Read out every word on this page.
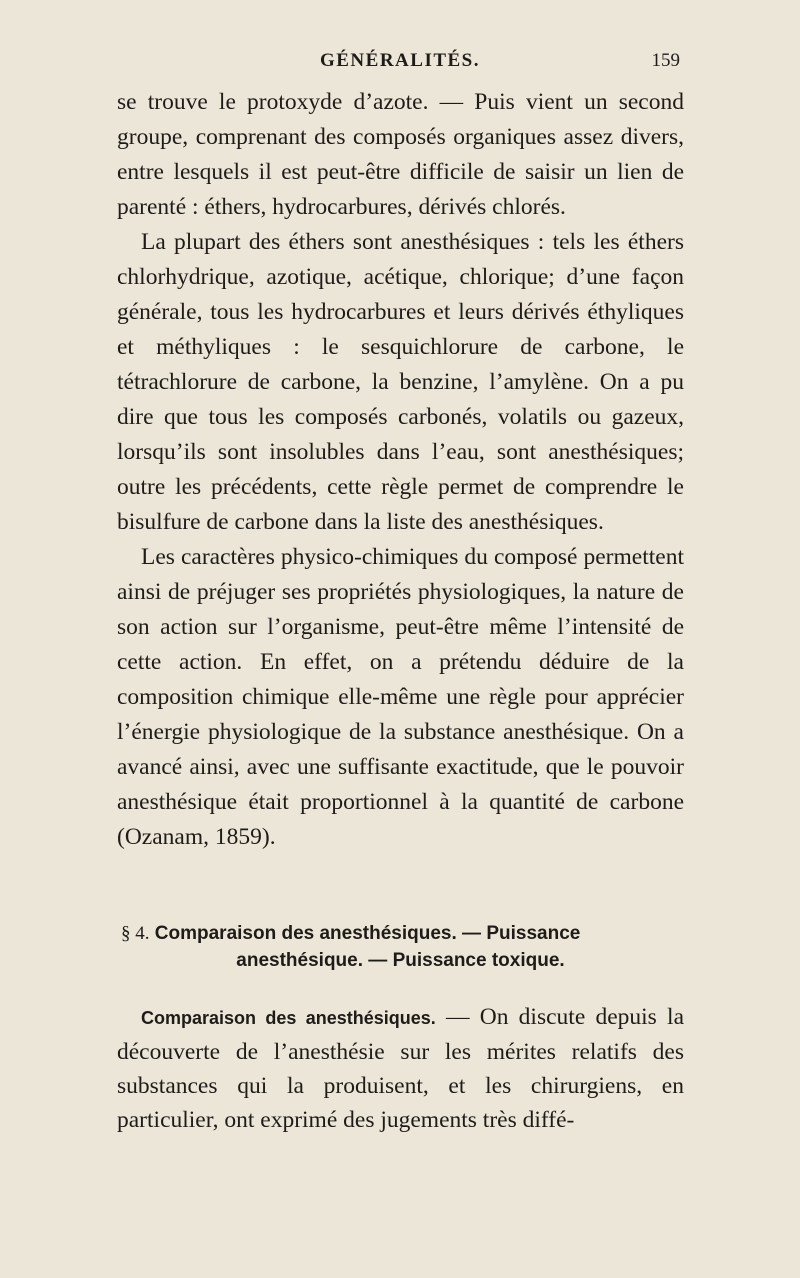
GÉNÉRALITÉS.	159

se trouve le protoxyde d’azote. — Puis vient un second groupe, comprenant des composés organiques assez divers, entre lesquels il est peut-être difficile de saisir un lien de parenté : éthers, hydrocarbures, dérivés chlorés.

La plupart des éthers sont anesthésiques : tels les éthers chlorhydrique, azotique, acétique, chlorique; d’une façon générale, tous les hydrocarbures et leurs dérivés éthyliques et méthyliques : le sesquichlorure de carbone, le tétrachlorure de carbone, la benzine, l’amylène. On a pu dire que tous les composés carbonés, volatils ou gazeux, lorsqu’ils sont insolubles dans l’eau, sont anesthésiques; outre les précédents, cette règle permet de comprendre le bisulfure de carbone dans la liste des anesthésiques.

Les caractères physico-chimiques du composé permettent ainsi de préjuger ses propriétés physiologiques, la nature de son action sur l’organisme, peut-être même l’intensité de cette action. En effet, on a prétendu déduire de la composition chimique elle-même une règle pour apprécier l’énergie physiologique de la substance anesthésique. On a avancé ainsi, avec une suffisante exactitude, que le pouvoir anesthésique était proportionnel à la quantité de carbone (Ozanam, 1859).

§ 4. Comparaison des anesthésiques. — Puissance
anesthésique. — Puissance toxique.

Comparaison des anesthésiques. — On discute depuis la découverte de l’anesthésie sur les mérites relatifs des substances qui la produisent, et les chirurgiens, en particulier, ont exprimé des jugements très diffé-
